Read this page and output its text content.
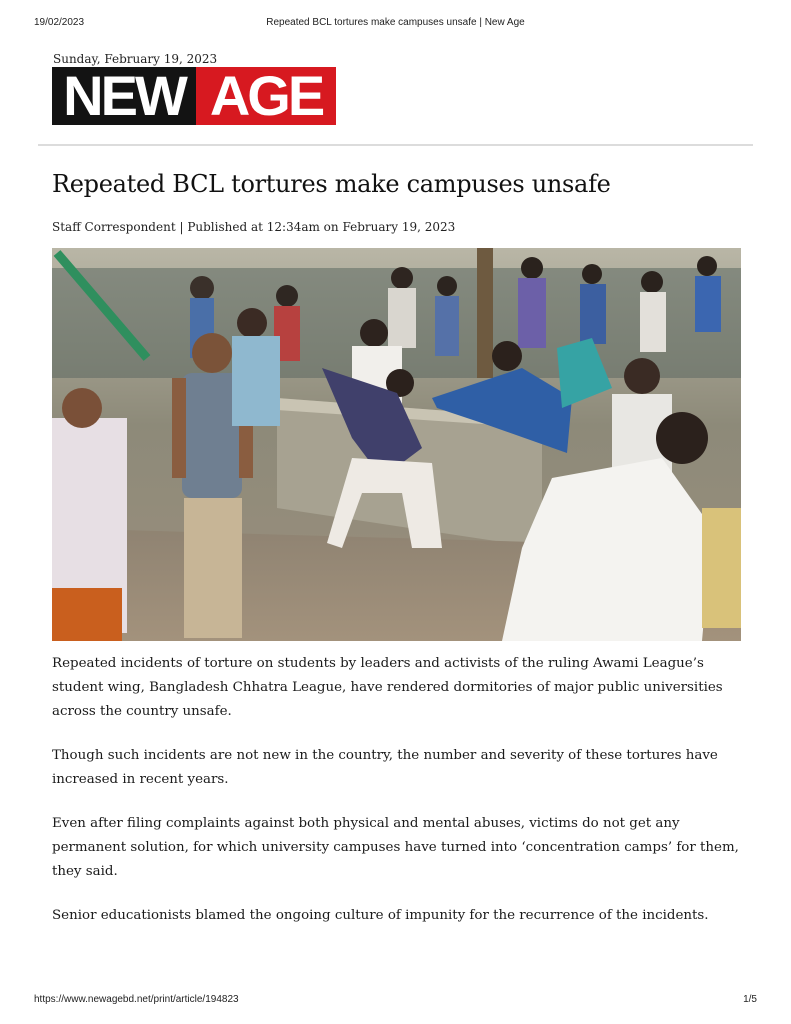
19/02/2023	Repeated BCL tortures make campuses unsafe | New Age
Sunday, February 19, 2023
NEW AGE
Repeated BCL tortures make campuses unsafe
Staff Correspondent | Published at 12:34am on February 19, 2023

Repeated incidents of torture on students by leaders and activists of the ruling Awami League’s student wing, Bangladesh Chhatra League, have rendered dormitories of major public universities across the country unsafe.

Though such incidents are not new in the country, the number and severity of these tortures have increased in recent years.

Even after filing complaints against both physical and mental abuses, victims do not get any permanent solution, for which university campuses have turned into ‘concentration camps’ for them, they said.

Senior educationists blamed the ongoing culture of impunity for the recurrence of the incidents.

https://www.newagebd.net/print/article/194823	1/5
